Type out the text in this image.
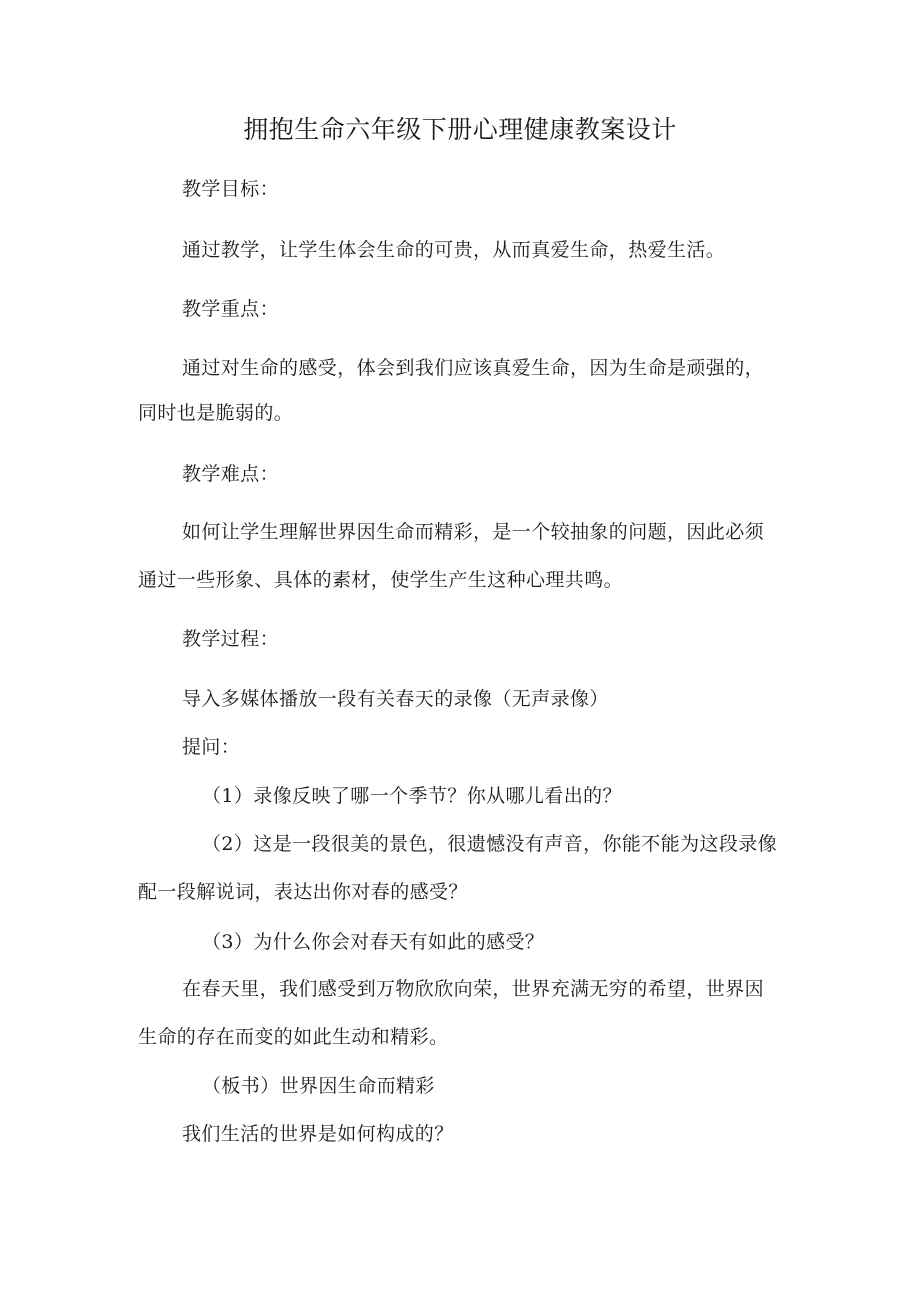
拥抱生命六年级下册心理健康教案设计
教学目标：
通过教学，让学生体会生命的可贵，从而真爱生命，热爱生活。
教学重点：
通过对生命的感受，体会到我们应该真爱生命，因为生命是顽强的，
同时也是脆弱的。
教学难点：
如何让学生理解世界因生命而精彩，是一个较抽象的问题，因此必须
通过一些形象、具体的素材，使学生产生这种心理共鸣。
教学过程：
导入多媒体播放一段有关春天的录像（无声录像）
提问：
（1）录像反映了哪一个季节？你从哪儿看出的？
（2）这是一段很美的景色，很遗憾没有声音，你能不能为这段录像
配一段解说词，表达出你对春的感受？
（3）为什么你会对春天有如此的感受？
在春天里，我们感受到万物欣欣向荣，世界充满无穷的希望，世界因
生命的存在而变的如此生动和精彩。
（板书）世界因生命而精彩
我们生活的世界是如何构成的？
